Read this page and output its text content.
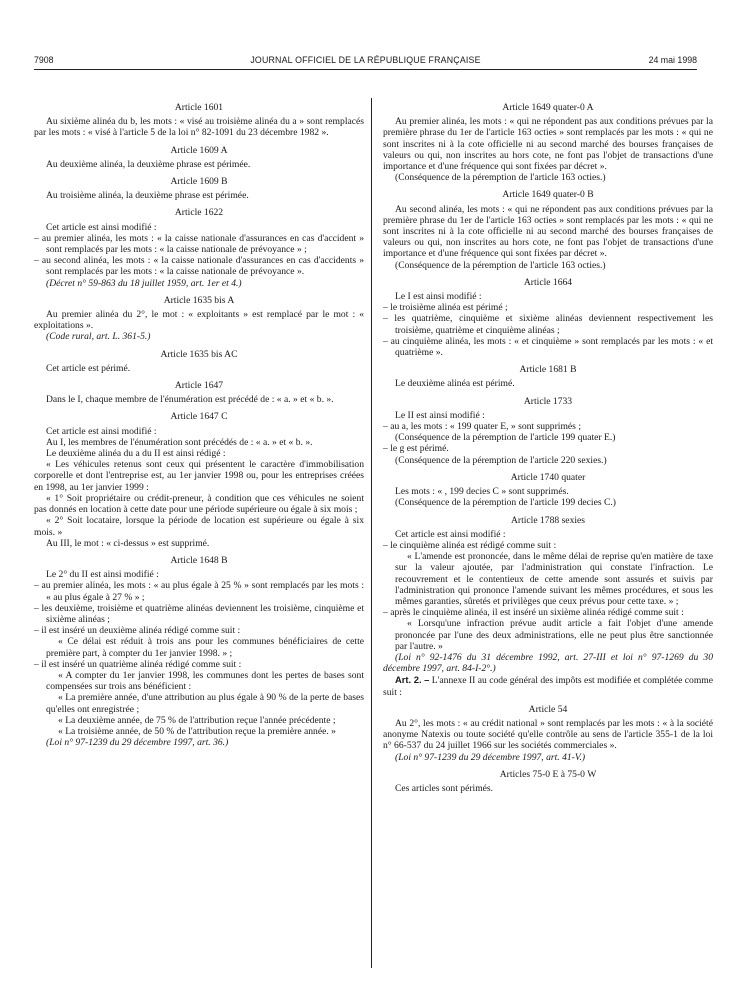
7908	JOURNAL OFFICIEL DE LA RÉPUBLIQUE FRANÇAISE	24 mai 1998
Article 1601
Au sixième alinéa du b, les mots : « visé au troisième alinéa du a » sont remplacés par les mots : « visé à l'article 5 de la loi n° 82-1091 du 23 décembre 1982 ».
Article 1609 A
Au deuxième alinéa, la deuxième phrase est périmée.
Article 1609 B
Au troisième alinéa, la deuxième phrase est périmée.
Article 1622
Cet article est ainsi modifié :
– au premier alinéa, les mots : « la caisse nationale d'assurances en cas d'accident » sont remplacés par les mots : « la caisse nationale de prévoyance » ;
– au second alinéa, les mots : « la caisse nationale d'assurances en cas d'accidents » sont remplacés par les mots : « la caisse nationale de prévoyance ».
(Décret n° 59-863 du 18 juillet 1959, art. 1er et 4.)
Article 1635 bis A
Au premier alinéa du 2°, le mot : « exploitants » est remplacé par le mot : « exploitations ».
(Code rural, art. L. 361-5.)
Article 1635 bis AC
Cet article est périmé.
Article 1647
Dans le I, chaque membre de l'énumération est précédé de : « a. » et « b. ».
Article 1647 C
Cet article est ainsi modifié :
Au I, les membres de l'énumération sont précédés de : « a. » et « b. ».
Le deuxième alinéa du a du II est ainsi rédigé :
« Les véhicules retenus sont ceux qui présentent le caractère d'immobilisation corporelle et dont l'entreprise est, au 1er janvier 1998 ou, pour les entreprises créées en 1998, au 1er janvier 1999 :
« 1° Soit propriétaire ou crédit-preneur, à condition que ces véhicules ne soient pas donnés en location à cette date pour une période supérieure ou égale à six mois ;
« 2° Soit locataire, lorsque la période de location est supérieure ou égale à six mois. »
Au III, le mot : « ci-dessus » est supprimé.
Article 1648 B
Le 2° du II est ainsi modifié :
– au premier alinéa, les mots : « au plus égale à 25 % » sont remplacés par les mots : « au plus égale à 27 % » ;
– les deuxième, troisième et quatrième alinéas deviennent les troisième, cinquième et sixième alinéas ;
– il est inséré un deuxième alinéa rédigé comme suit :
« Ce délai est réduit à trois ans pour les communes bénéficiaires de cette première part, à compter du 1er janvier 1998. » ;
– il est inséré un quatrième alinéa rédigé comme suit :
« A compter du 1er janvier 1998, les communes dont les pertes de bases sont compensées sur trois ans bénéficient :
« La première année, d'une attribution au plus égale à 90 % de la perte de bases qu'elles ont enregistrée ;
« La deuxième année, de 75 % de l'attribution reçue l'année précédente ;
« La troisième année, de 50 % de l'attribution reçue la première année. »
(Loi n° 97-1239 du 29 décembre 1997, art. 36.)
Article 1649 quater-0 A
Au premier alinéa, les mots : « qui ne répondent pas aux conditions prévues par la première phrase du 1er de l'article 163 octies » sont remplacés par les mots : « qui ne sont inscrites ni à la cote officielle ni au second marché des bourses françaises de valeurs ou qui, non inscrites au hors cote, ne font pas l'objet de transactions d'une importance et d'une fréquence qui sont fixées par décret ».
(Conséquence de la péremption de l'article 163 octies.)
Article 1649 quater-0 B
Au second alinéa, les mots : « qui ne répondent pas aux conditions prévues par la première phrase du 1er de l'article 163 octies » sont remplacés par les mots : « qui ne sont inscrites ni à la cote officielle ni au second marché des bourses françaises de valeurs ou qui, non inscrites au hors cote, ne font pas l'objet de transactions d'une importance et d'une fréquence qui sont fixées par décret ».
(Conséquence de la péremption de l'article 163 octies.)
Article 1664
Le I est ainsi modifié :
– le troisième alinéa est périmé ;
– les quatrième, cinquième et sixième alinéas deviennent respectivement les troisième, quatrième et cinquième alinéas ;
– au cinquième alinéa, les mots : « et cinquième » sont remplacés par les mots : « et quatrième ».
Article 1681 B
Le deuxième alinéa est périmé.
Article 1733
Le II est ainsi modifié :
– au a, les mots : « 199 quater E, » sont supprimés ;
(Conséquence de la péremption de l'article 199 quater E.)
– le g est périmé.
(Conséquence de la péremption de l'article 220 sexies.)
Article 1740 quater
Les mots : « , 199 decies C » sont supprimés.
(Conséquence de la péremption de l'article 199 decies C.)
Article 1788 sexies
Cet article est ainsi modifié :
– le cinquième alinéa est rédigé comme suit :
« L'amende est prononcée, dans le même délai de reprise qu'en matière de taxe sur la valeur ajoutée, par l'administration qui constate l'infraction. Le recouvrement et le contentieux de cette amende sont assurés et suivis par l'administration qui prononce l'amende suivant les mêmes procédures, et sous les mêmes garanties, sûretés et privilèges que ceux prévus pour cette taxe. » ;
– après le cinquième alinéa, il est inséré un sixième alinéa rédigé comme suit :
« Lorsqu'une infraction prévue audit article a fait l'objet d'une amende prononcée par l'une des deux administrations, elle ne peut plus être sanctionnée par l'autre. »
(Loi n° 92-1476 du 31 décembre 1992, art. 27-III et loi n° 97-1269 du 30 décembre 1997, art. 84-I-2°.)
Art. 2. – L'annexe II au code général des impôts est modifiée et complétée comme suit :
Article 54
Au 2°, les mots : « au crédit national » sont remplacés par les mots : « à la société anonyme Natexis ou toute société qu'elle contrôle au sens de l'article 355-1 de la loi n° 66-537 du 24 juillet 1966 sur les sociétés commerciales ».
(Loi n° 97-1239 du 29 décembre 1997, art. 41-V.)
Articles 75-0 E à 75-0 W
Ces articles sont périmés.
